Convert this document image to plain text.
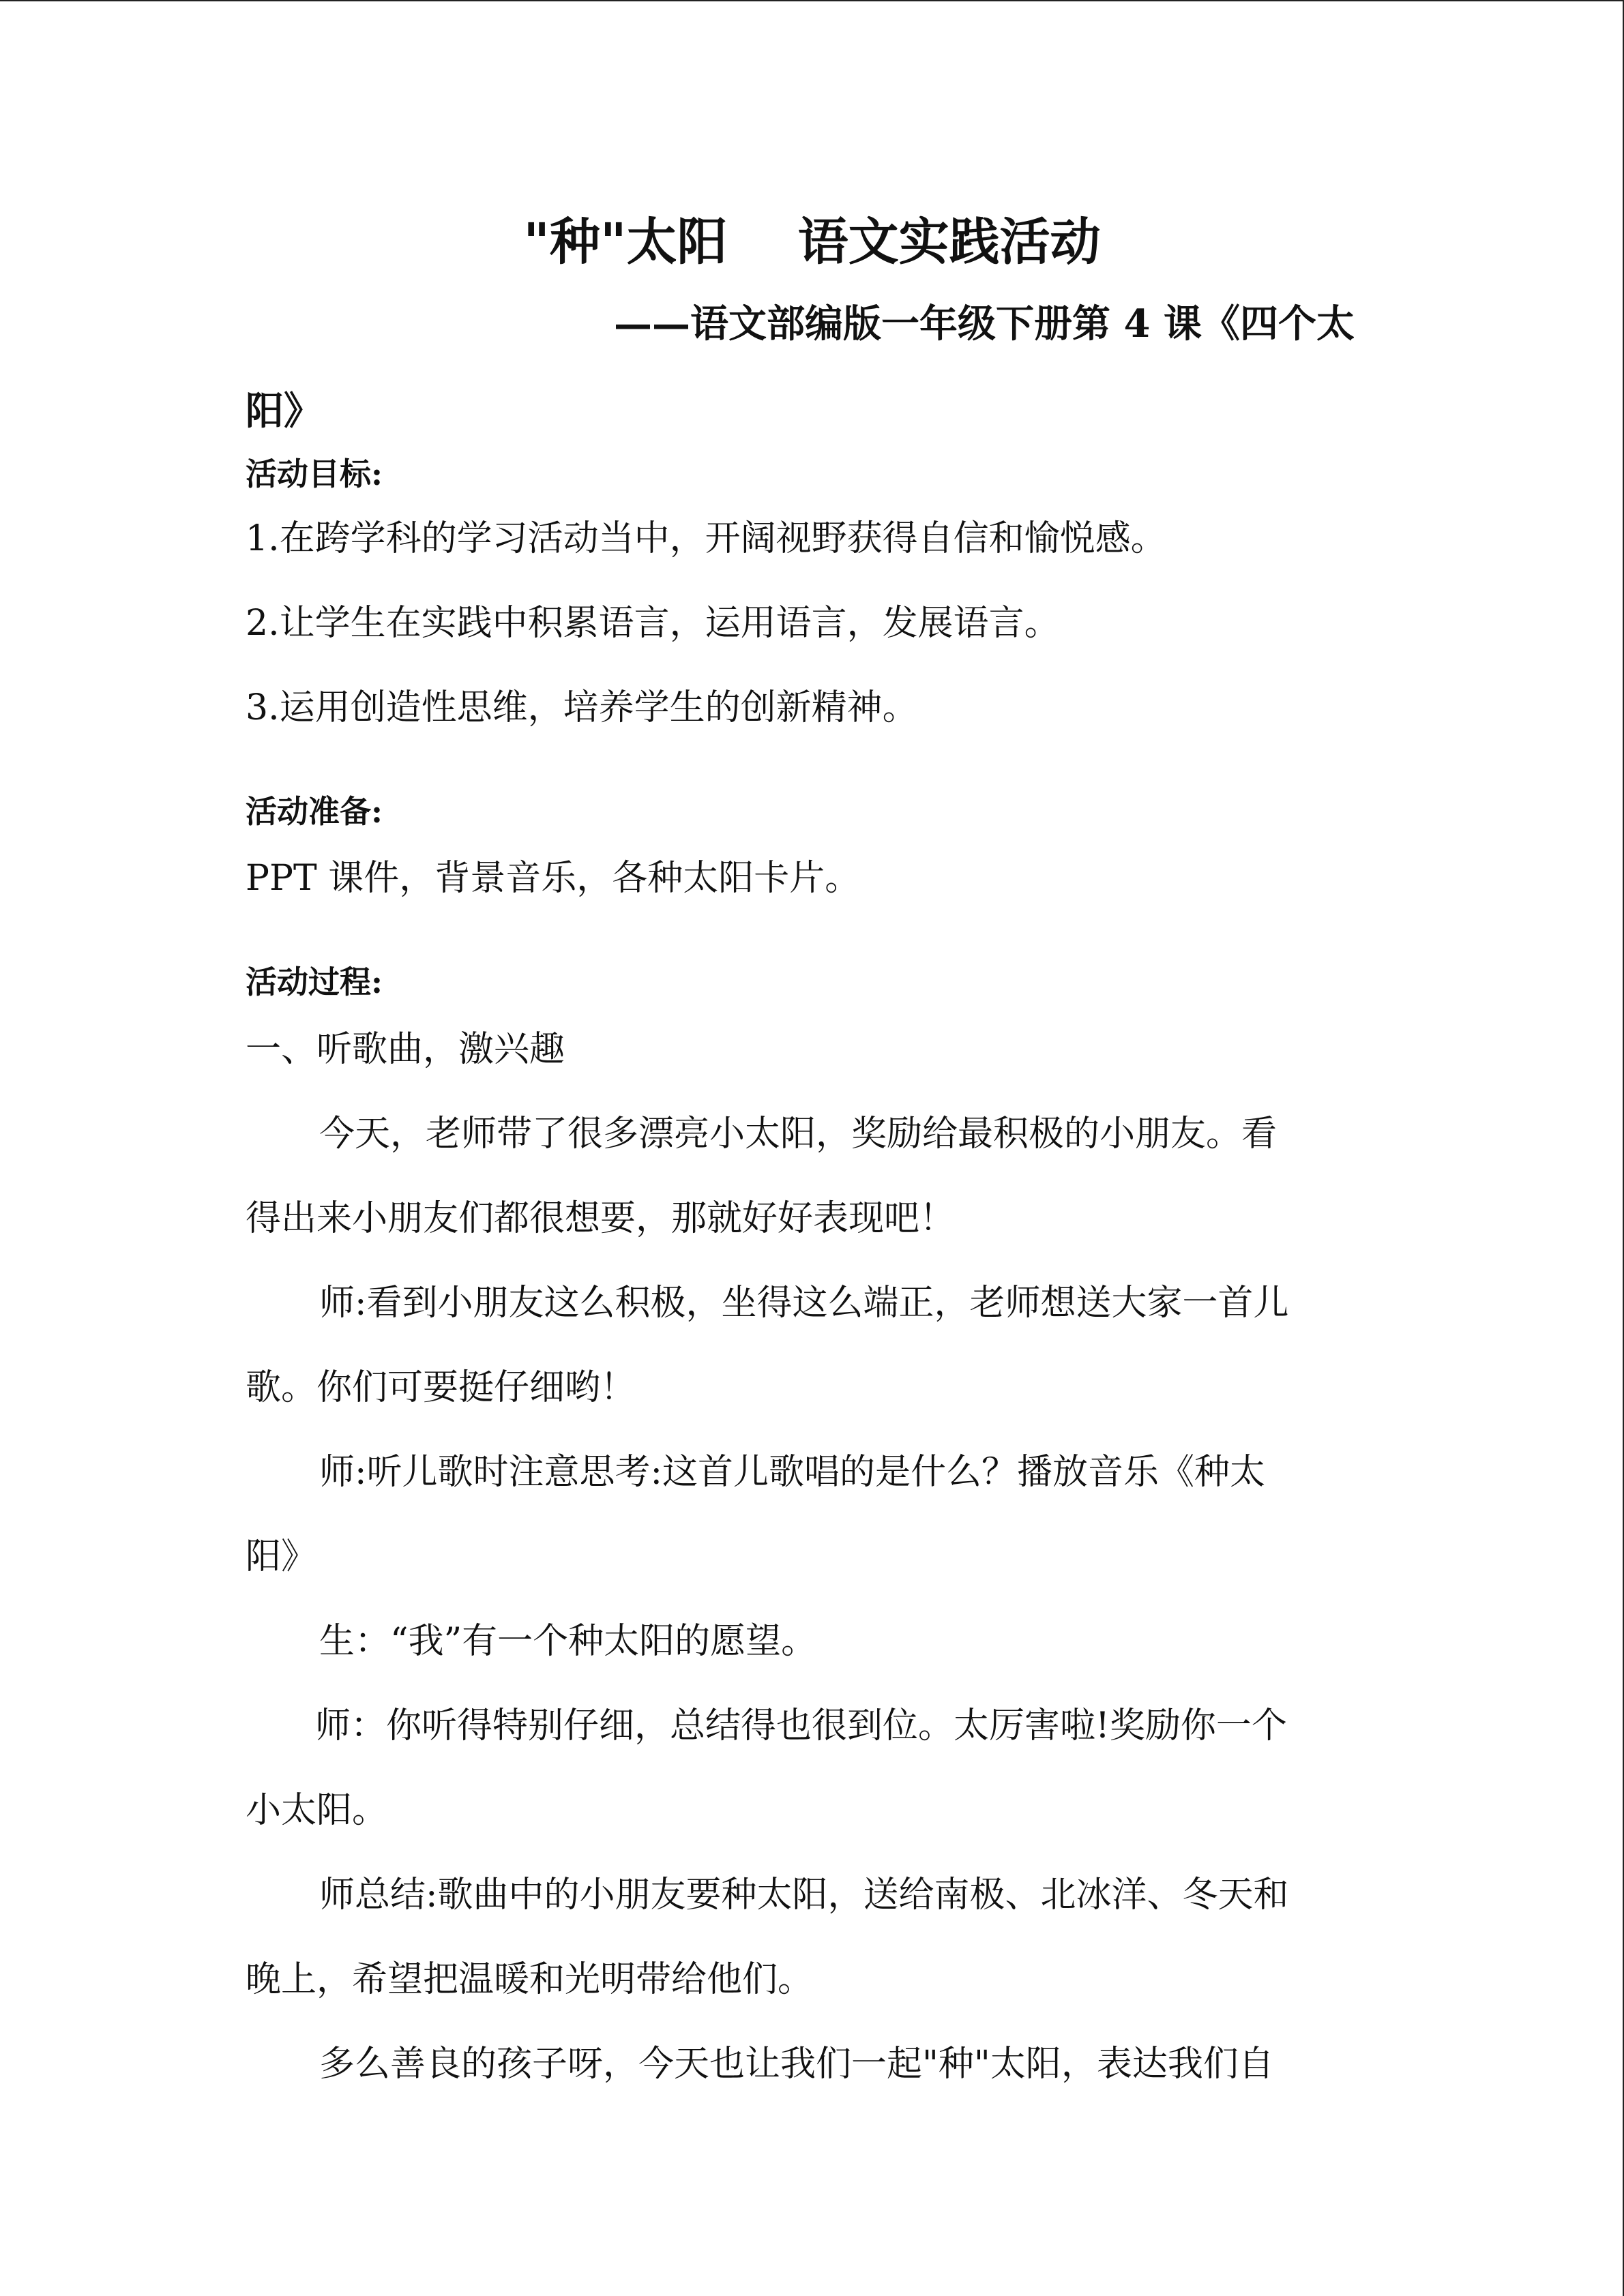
"种"太阳    语文实践活动
——语文部编版一年级下册第 4 课《四个太
阳》
活动目标:
1.在跨学科的学习活动当中，开阔视野获得自信和愉悦感。
2.让学生在实践中积累语言，运用语言，发展语言。
3.运用创造性思维，培养学生的创新精神。
活动准备:
PPT 课件，背景音乐，各种太阳卡片。
活动过程:
一、听歌曲，激兴趣
今天，老师带了很多漂亮小太阳，奖励给最积极的小朋友。看
得出来小朋友们都很想要，那就好好表现吧！
师:看到小朋友这么积极，坐得这么端正，老师想送大家一首儿
歌。你们可要挺仔细哟！
师:听儿歌时注意思考:这首儿歌唱的是什么？播放音乐《种太
阳》
生：“我”有一个种太阳的愿望。
师：你听得特别仔细，总结得也很到位。太厉害啦!奖励你一个
小太阳。
师总结:歌曲中的小朋友要种太阳，送给南极、北冰洋、冬天和
晚上，希望把温暖和光明带给他们。
多么善良的孩子呀，今天也让我们一起"种"太阳，表达我们自
